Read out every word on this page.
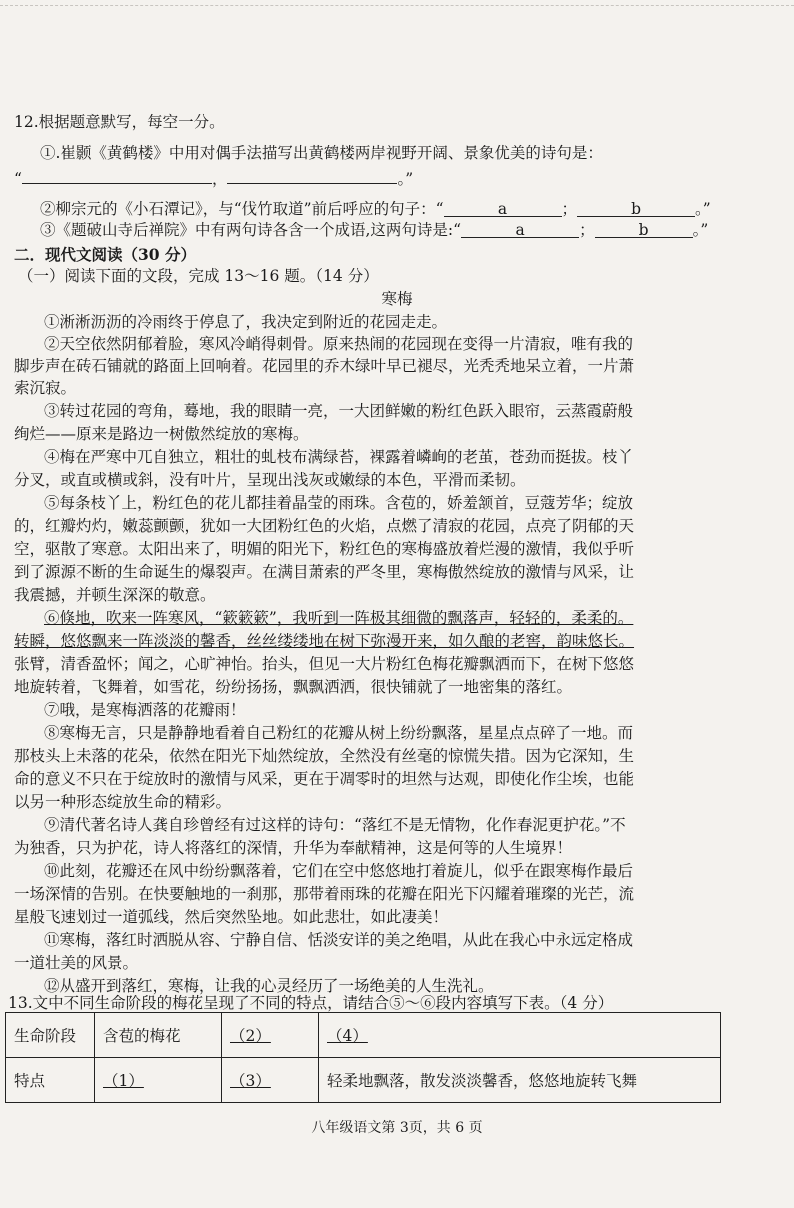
12.根据题意默写，每空一分。
①.崔颢《黄鹤楼》中用对偶手法描写出黄鹤楼两岸视野开阔、景象优美的诗句是：
“	，	。”
②柳宗元的《小石潭记》，与“伐竹取道”前后呼应的句子：“	a	；	b	。”
③《题破山寺后禅院》中有两句诗各含一个成语,这两句诗是:“	a	；	b	。”
二．现代文阅读（30 分）
（一）阅读下面的文段，完成 13～16 题。（14 分）
寒梅
①淅淅沥沥的冷雨终于停息了，我决定到附近的花园走走。
②天空依然阴郁着脸，寒风冷峭得刺骨。原来热闹的花园现在变得一片清寂，唯有我的
脚步声在砖石铺就的路面上回响着。花园里的乔木绿叶早已褪尽，光秃秃地呆立着，一片萧
索沉寂。
③转过花园的弯角，蓦地，我的眼睛一亮，一大团鲜嫩的粉红色跃入眼帘，云蒸霞蔚般
绚烂——原来是路边一树傲然绽放的寒梅。
④梅在严寒中兀自独立，粗壮的虬枝布满绿苔，裸露着嶙峋的老茧，苍劲而挺拔。枝丫
分叉，或直或横或斜，没有叶片，呈现出浅灰或嫩绿的本色，平滑而柔韧。
⑤每条枝丫上，粉红色的花儿都挂着晶莹的雨珠。含苞的，娇羞颔首，豆蔻芳华；绽放
的，红瓣灼灼，嫩蕊颤颤，犹如一大团粉红色的火焰，点燃了清寂的花园，点亮了阴郁的天
空，驱散了寒意。太阳出来了，明媚的阳光下，粉红色的寒梅盛放着烂漫的激情，我似乎听
到了源源不断的生命诞生的爆裂声。在满目萧索的严冬里，寒梅傲然绽放的激情与风采，让
我震撼，并顿生深深的敬意。
⑥倏地，吹来一阵寒风，“簌簌簌”，我听到一阵极其细微的飘落声，轻轻的，柔柔的。
转瞬，悠悠飘来一阵淡淡的馨香，丝丝缕缕地在树下弥漫开来，如久酿的老窖，韵味悠长。
张臂，清香盈怀；闻之，心旷神怡。抬头，但见一大片粉红色梅花瓣飘洒而下，在树下悠悠
地旋转着，飞舞着，如雪花，纷纷扬扬，飘飘洒洒，很快铺就了一地密集的落红。
⑦哦，是寒梅洒落的花瓣雨！
⑧寒梅无言，只是静静地看着自己粉红的花瓣从树上纷纷飘落，星星点点碎了一地。而
那枝头上未落的花朵，依然在阳光下灿然绽放，全然没有丝毫的惊慌失措。因为它深知，生
命的意义不只在于绽放时的激情与风采，更在于凋零时的坦然与达观，即使化作尘埃，也能
以另一种形态绽放生命的精彩。
⑨清代著名诗人龚自珍曾经有过这样的诗句：“落红不是无情物，化作春泥更护花。”不
为独香，只为护花，诗人将落红的深情，升华为奉献精神，这是何等的人生境界！
⑩此刻，花瓣还在风中纷纷飘落着，它们在空中悠悠地打着旋儿，似乎在跟寒梅作最后
一场深情的告别。在快要触地的一刹那，那带着雨珠的花瓣在阳光下闪耀着璀璨的光芒，流
星般飞速划过一道弧线，然后突然坠地。如此悲壮，如此凄美！
⑪寒梅，落红时洒脱从容、宁静自信、恬淡安详的美之绝唱，从此在我心中永远定格成
一道壮美的风景。
⑫从盛开到落红，寒梅，让我的心灵经历了一场绝美的人生洗礼。
13.文中不同生命阶段的梅花呈现了不同的特点，请结合⑤～⑥段内容填写下表。（4 分）
生命阶段	含苞的梅花	（2）	（4）
特点	（1）	（3）	轻柔地飘落，散发淡淡馨香，悠悠地旋转飞舞
八年级语文第 3页，共 6 页
